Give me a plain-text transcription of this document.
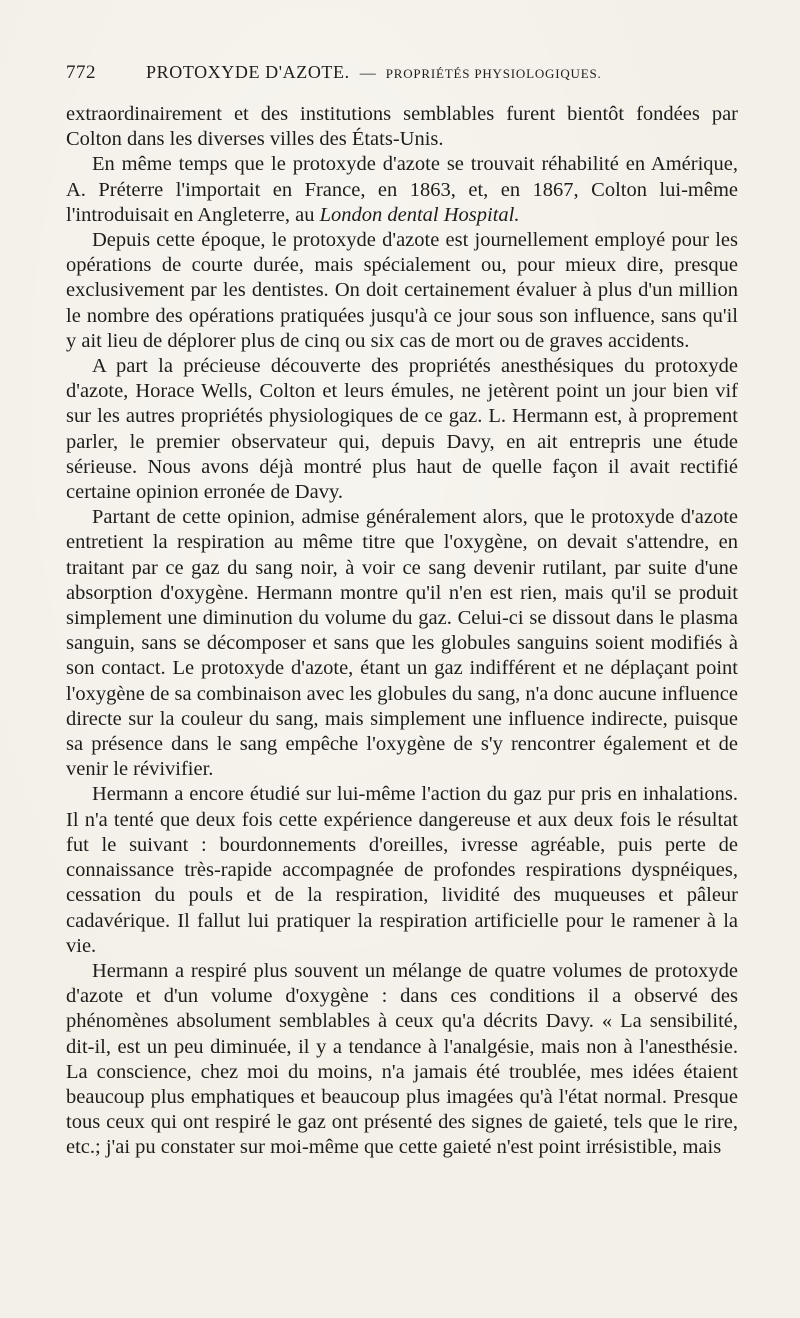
772	PROTOXYDE D'AZOTE. — PROPRIÉTÉS PHYSIOLOGIQUES.

extraordinairement et des institutions semblables furent bientôt fondées par Colton dans les diverses villes des États-Unis.

En même temps que le protoxyde d'azote se trouvait réhabilité en Amérique, A. Préterre l'importait en France, en 1863, et, en 1867, Colton lui-même l'introduisait en Angleterre, au London dental Hospital.

Depuis cette époque, le protoxyde d'azote est journellement employé pour les opérations de courte durée, mais spécialement ou, pour mieux dire, presque exclusivement par les dentistes. On doit certainement évaluer à plus d'un million le nombre des opérations pratiquées jusqu'à ce jour sous son influence, sans qu'il y ait lieu de déplorer plus de cinq ou six cas de mort ou de graves accidents.

A part la précieuse découverte des propriétés anesthésiques du protoxyde d'azote, Horace Wells, Colton et leurs émules, ne jetèrent point un jour bien vif sur les autres propriétés physiologiques de ce gaz. L. Hermann est, à proprement parler, le premier observateur qui, depuis Davy, en ait entrepris une étude sérieuse. Nous avons déjà montré plus haut de quelle façon il avait rectifié certaine opinion erronée de Davy.

Partant de cette opinion, admise généralement alors, que le protoxyde d'azote entretient la respiration au même titre que l'oxygène, on devait s'attendre, en traitant par ce gaz du sang noir, à voir ce sang devenir rutilant, par suite d'une absorption d'oxygène. Hermann montre qu'il n'en est rien, mais qu'il se produit simplement une diminution du volume du gaz. Celui-ci se dissout dans le plasma sanguin, sans se décomposer et sans que les globules sanguins soient modifiés à son contact. Le protoxyde d'azote, étant un gaz indifférent et ne déplaçant point l'oxygène de sa combinaison avec les globules du sang, n'a donc aucune influence directe sur la couleur du sang, mais simplement une influence indirecte, puisque sa présence dans le sang empêche l'oxygène de s'y rencontrer également et de venir le révivifier.

Hermann a encore étudié sur lui-même l'action du gaz pur pris en inhalations. Il n'a tenté que deux fois cette expérience dangereuse et aux deux fois le résultat fut le suivant : bourdonnements d'oreilles, ivresse agréable, puis perte de connaissance très-rapide accompagnée de profondes respirations dyspnéiques, cessation du pouls et de la respiration, lividité des muqueuses et pâleur cadavérique. Il fallut lui pratiquer la respiration artificielle pour le ramener à la vie.

Hermann a respiré plus souvent un mélange de quatre volumes de protoxyde d'azote et d'un volume d'oxygène : dans ces conditions il a observé des phénomènes absolument semblables à ceux qu'a décrits Davy. « La sensibilité, dit-il, est un peu diminuée, il y a tendance à l'analgésie, mais non à l'anesthésie. La conscience, chez moi du moins, n'a jamais été troublée, mes idées étaient beaucoup plus emphatiques et beaucoup plus imagées qu'à l'état normal. Presque tous ceux qui ont respiré le gaz ont présenté des signes de gaieté, tels que le rire, etc.; j'ai pu constater sur moi-même que cette gaieté n'est point irrésistible, mais
